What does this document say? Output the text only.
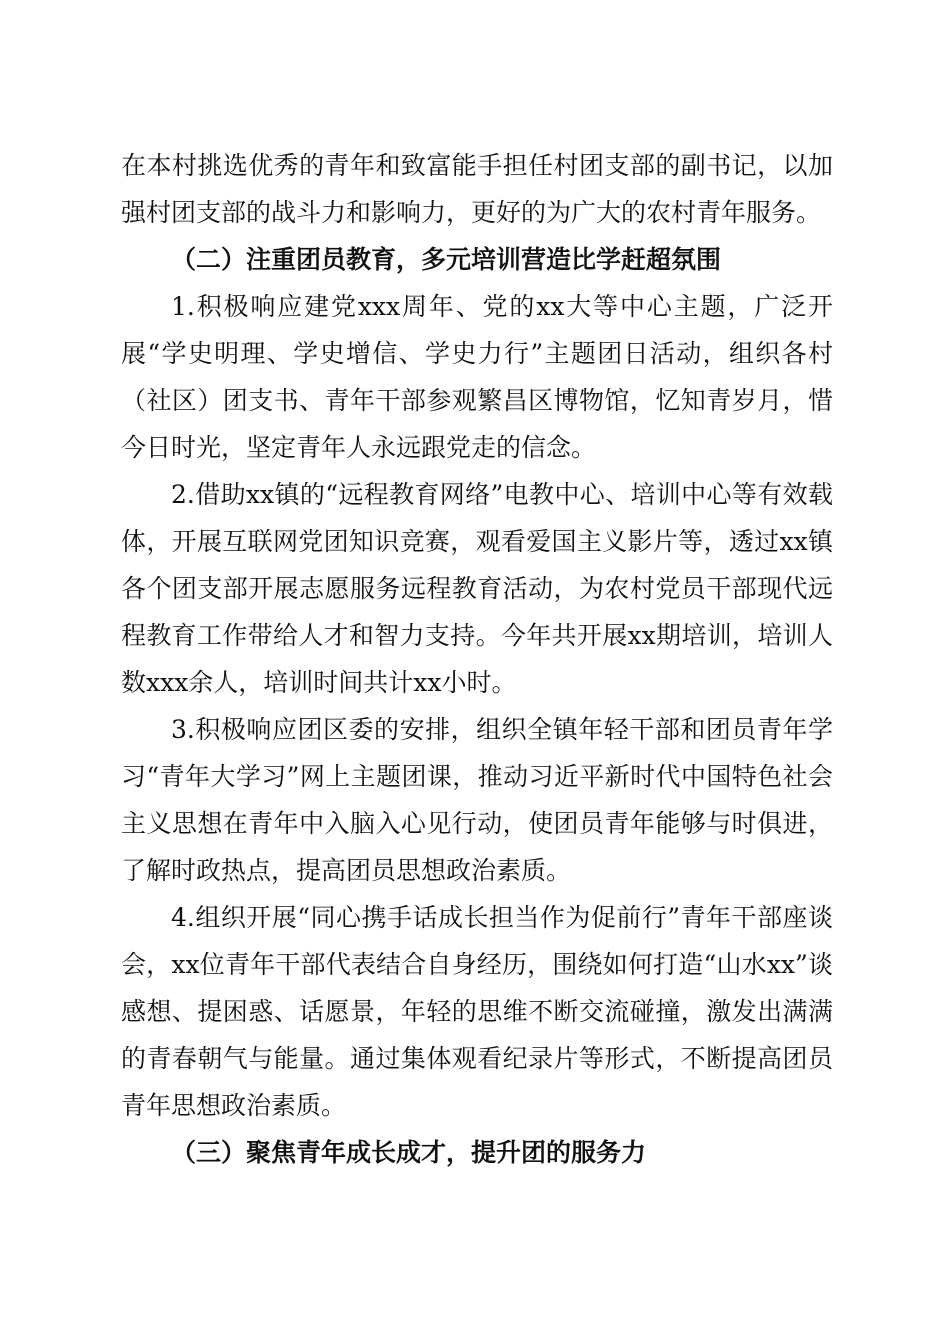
在本村挑选优秀的青年和致富能手担任村团支部的副书记，以加强村团支部的战斗力和影响力，更好的为广大的农村青年服务。

（二）注重团员教育，多元培训营造比学赶超氛围

1.积极响应建党xxx周年、党的xx大等中心主题，广泛开展“学史明理、学史增信、学史力行”主题团日活动，组织各村（社区）团支书、青年干部参观繁昌区博物馆，忆知青岁月，惜今日时光，坚定青年人永远跟党走的信念。

2.借助xx镇的“远程教育网络”电教中心、培训中心等有效载体，开展互联网党团知识竞赛，观看爱国主义影片等，透过xx镇各个团支部开展志愿服务远程教育活动，为农村党员干部现代远程教育工作带给人才和智力支持。今年共开展xx期培训，培训人数xxx余人，培训时间共计xx小时。

3.积极响应团区委的安排，组织全镇年轻干部和团员青年学习“青年大学习”网上主题团课，推动习近平新时代中国特色社会主义思想在青年中入脑入心见行动，使团员青年能够与时俱进，了解时政热点，提高团员思想政治素质。

4.组织开展“同心携手话成长担当作为促前行”青年干部座谈会，xx位青年干部代表结合自身经历，围绕如何打造“山水xx”谈感想、提困惑、话愿景，年轻的思维不断交流碰撞，激发出满满的青春朝气与能量。通过集体观看纪录片等形式，不断提高团员青年思想政治素质。

（三）聚焦青年成长成才，提升团的服务力
